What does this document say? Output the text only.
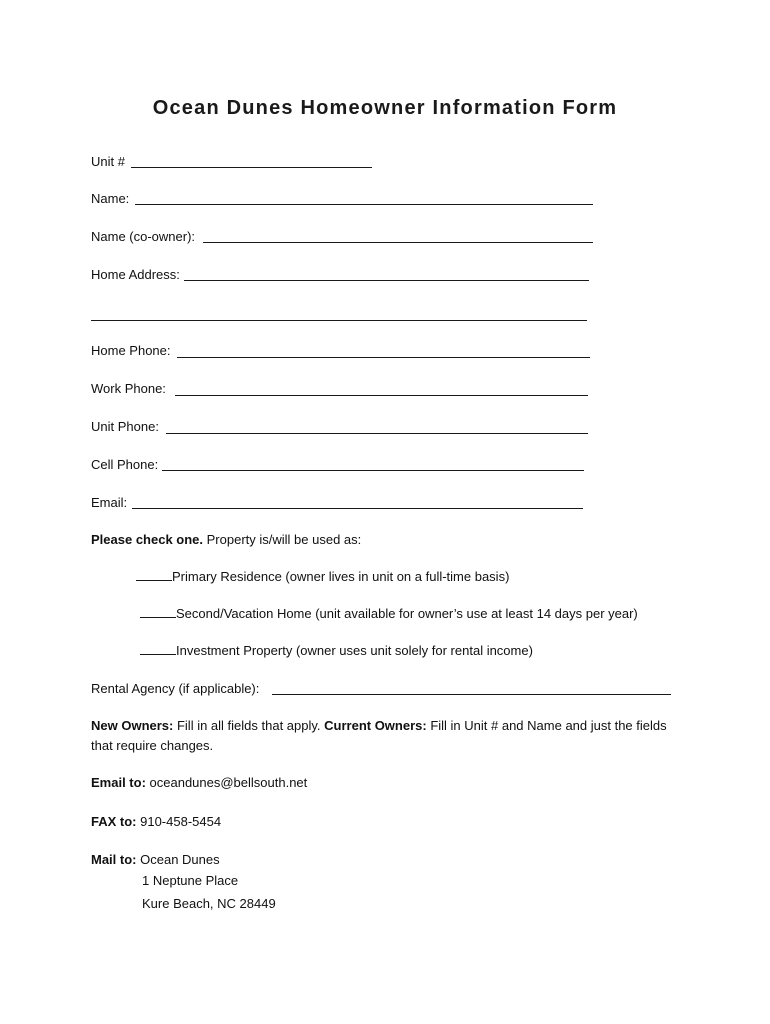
Ocean Dunes Homeowner Information Form
Unit #
Name:
Name (co-owner):
Home Address:
Home Phone:
Work Phone:
Unit Phone:
Cell Phone:
Email:
Please check one. Property is/will be used as:
Primary Residence (owner lives in unit on a full-time basis)
Second/Vacation Home (unit available for owner’s use at least 14 days per year)
Investment Property (owner uses unit solely for rental income)
Rental Agency (if applicable):
New Owners: Fill in all fields that apply. Current Owners: Fill in Unit # and Name and just the fields that require changes.
Email to: oceandunes@bellsouth.net
FAX to: 910-458-5454
Mail to: Ocean Dunes
1 Neptune Place
Kure Beach, NC 28449
